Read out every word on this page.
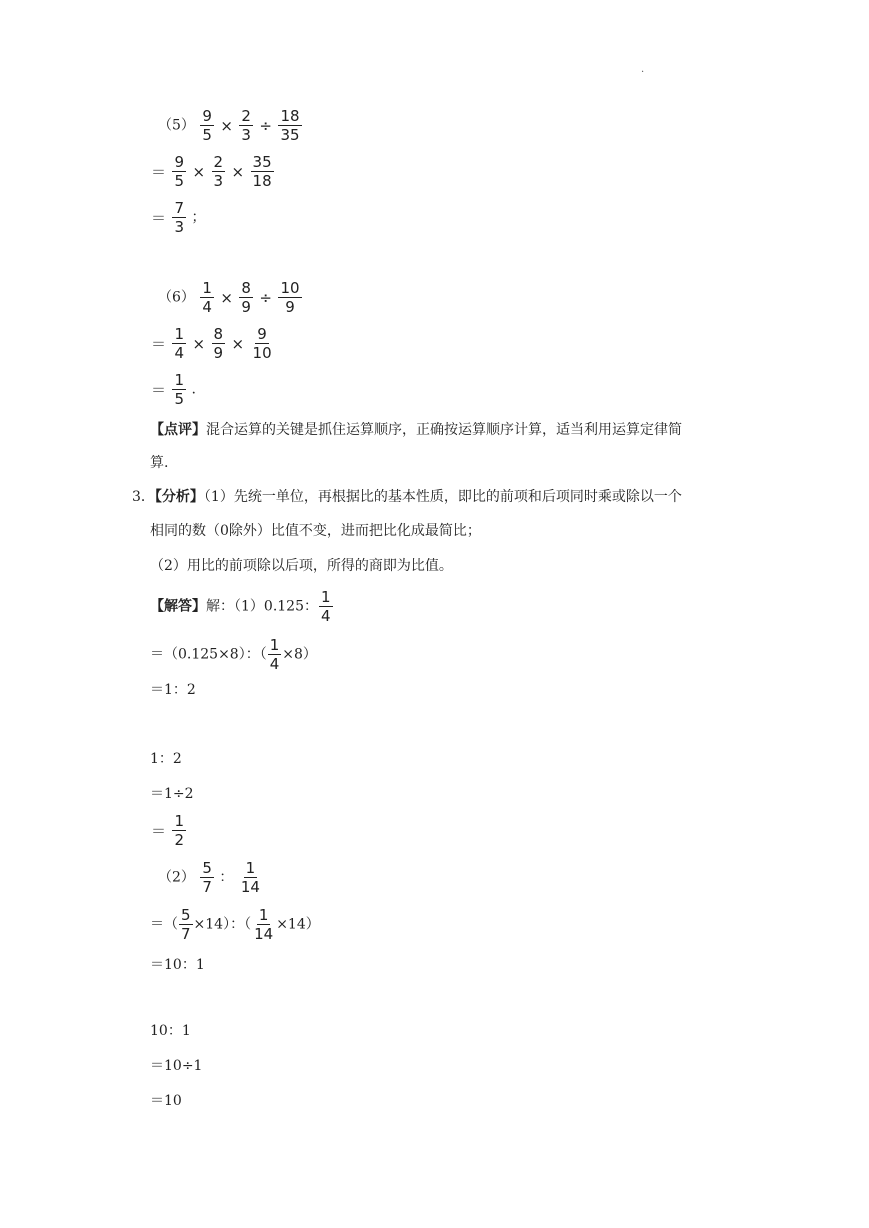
.
$(5) \frac{9}{5} \times \frac{2}{3} \div \frac{18}{35}$
＝ $\frac{9}{5} \times \frac{2}{3} \times \frac{35}{18}$
＝ $\frac{7}{3}$ ；
$(6) \frac{1}{4} \times \frac{8}{9} \div \frac{10}{9}$
＝ $\frac{1}{4} \times \frac{8}{9} \times \frac{9}{10}$
＝ $\frac{1}{5}$ .
【点评】混合运算的关键是抓住运算顺序，正确按运算顺序计算，适当利用运算定律简
算.
3．【分析】（1）先统一单位，再根据比的基本性质，即比的前项和后项同时乘或除以一个
相同的数（0除外）比值不变，进而把比化成最简比；
（2）用比的前项除以后项，所得的商即为比值。
【解答】解：（1）0.125： $\frac{1}{4}$
＝（0.125×8）：（ $\frac{1}{4} \times 8$）
＝1：2
1：2
＝1÷2
＝ $\frac{1}{2}$
$(2) \frac{5}{7}$ ： $\frac{1}{14}$
＝（ $\frac{5}{7} \times 14$）：（ $\frac{1}{14} \times 14$）
＝10：1
10：1
＝10÷1
＝10
